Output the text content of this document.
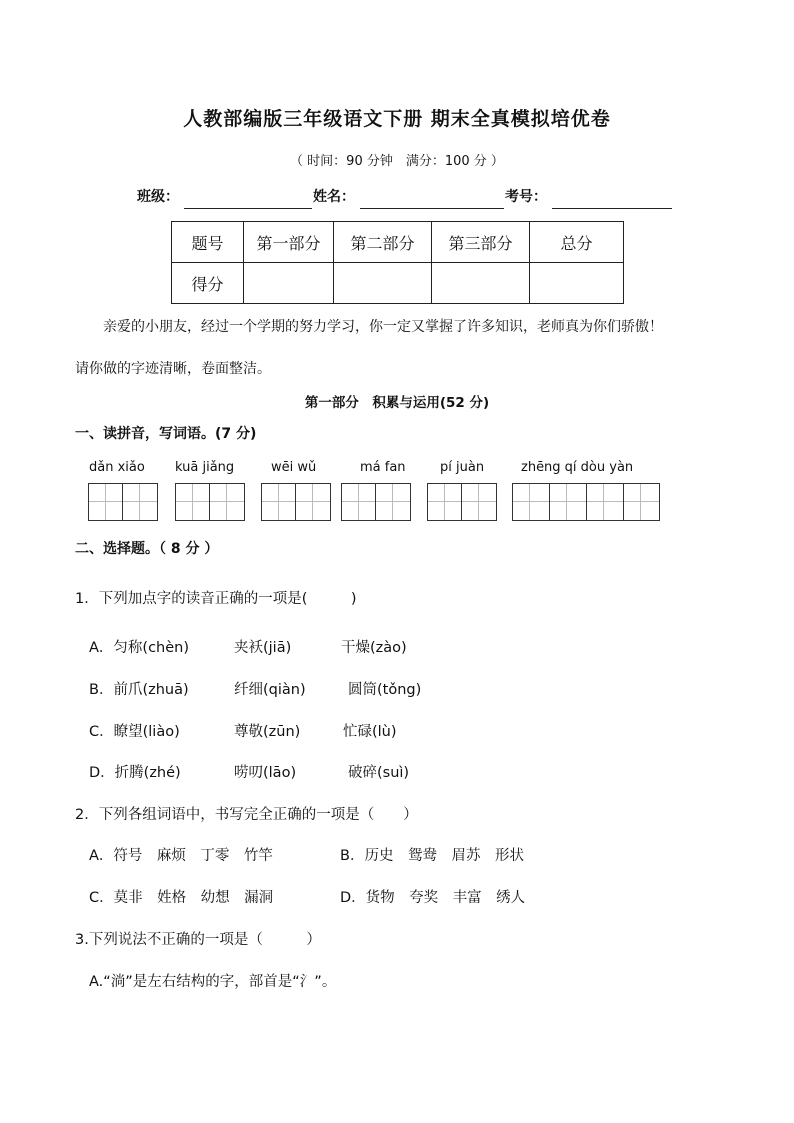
人教部编版三年级语文下册 期末全真模拟培优卷
（ 时间：90 分钟　满分：100 分 ）
班级：	姓名：	考号：
题号	第一部分	第二部分	第三部分	总分
得分				
亲爱的小朋友，经过一个学期的努力学习，你一定又掌握了许多知识，老师真为你们骄傲！
请你做的字迹清晰，卷面整洁。
第一部分　积累与运用(52 分)
一、读拼音，写词语。(7 分)
dǎn xiǎo kuā jiǎng	wēi wǔ	má fan	pí juàn	zhēng qí dòu yàn
二、选择题。（ 8 分 ）
1．下列加点字的读音正确的一项是(　　　)
A．匀称(chèn)	夹袄(jiā)	干燥(zào)
B．前爪(zhuā)	纤细(qiàn)	圆筒(tǒng)
C．瞭望(liào)	尊敬(zūn)	忙碌(lù)
D．折腾(zhé)	唠叨(lāo)	破碎(suì)
2．下列各组词语中，书写完全正确的一项是（　　）
A．符号　麻烦　丁零　竹竿	B．历史　鸳鸯　眉苏　形状
C．莫非　姓格　幼想　漏洞	D．货物　夸奖　丰富　绣人
3.下列说法不正确的一项是（　　　）
A.“淌”是左右结构的字，部首是“氵”。
